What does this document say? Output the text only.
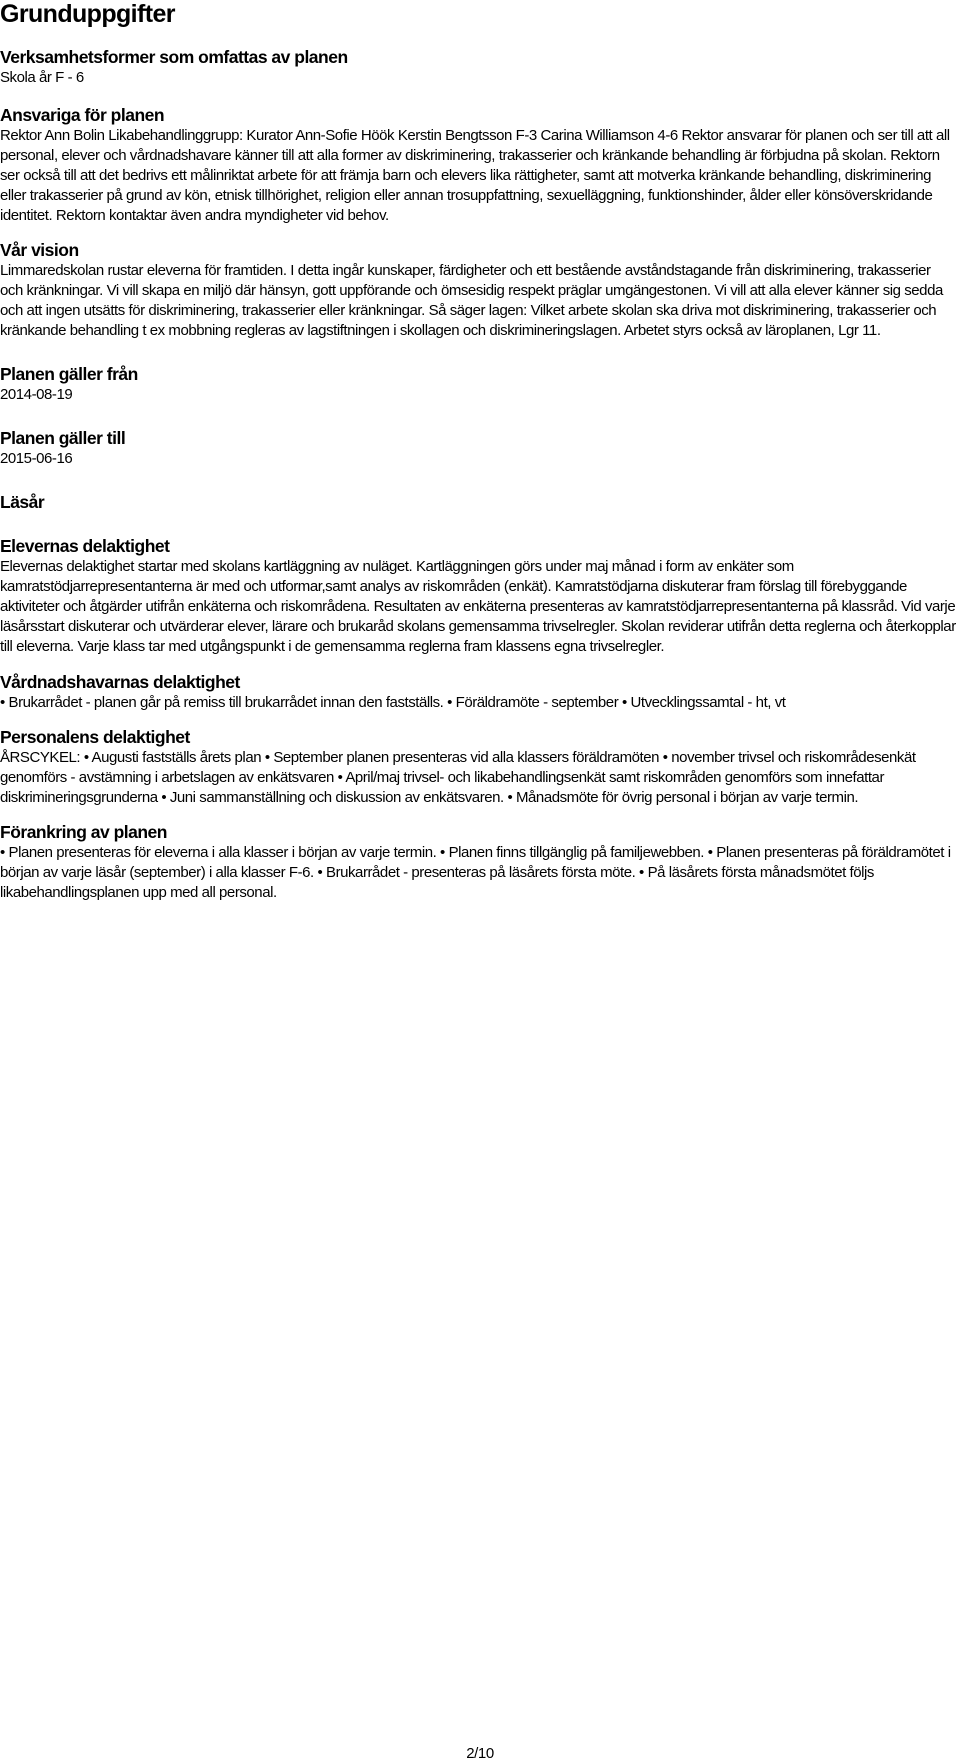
Grunduppgifter
Verksamhetsformer som omfattas av planen

Skola år F - 6

Ansvariga för planen

Rektor Ann Bolin Likabehandlinggrupp: Kurator Ann-Sofie Höök Kerstin Bengtsson F-3 Carina Williamson 4-6 Rektor ansvarar för planen och ser till att all personal, elever och vårdnadshavare känner till att alla former av diskriminering, trakasserier och kränkande behandling är förbjudna på skolan. Rektorn ser också till att det bedrivs ett målinriktat arbete för att främja barn och elevers lika rättigheter, samt att motverka kränkande behandling, diskriminering eller trakasserier på grund av kön, etnisk tillhörighet, religion eller annan trosuppfattning, sexuelläggning, funktionshinder, ålder eller könsöverskridande identitet. Rektorn kontaktar även andra myndigheter vid behov.

Vår vision

Limmaredskolan rustar eleverna för framtiden. I detta ingår kunskaper, färdigheter och ett bestående avståndstagande från diskriminering, trakasserier och kränkningar. Vi vill skapa en miljö där hänsyn, gott uppförande och ömsesidig respekt präglar umgängestonen. Vi vill att alla elever känner sig sedda och att ingen utsätts för diskriminering, trakasserier eller kränkningar. Så säger lagen: Vilket arbete skolan ska driva mot diskriminering, trakasserier och kränkande behandling t ex mobbning regleras av lagstiftningen i skollagen och diskrimineringslagen. Arbetet styrs också av läroplanen, Lgr 11.

Planen gäller från

2014-08-19

Planen gäller till

2015-06-16

Läsår

Elevernas delaktighet

Elevernas delaktighet startar med skolans kartläggning av nuläget. Kartläggningen görs under maj månad i form av enkäter som kamratstödjarrepresentanterna är med och utformar,samt analys av riskområden (enkät). Kamratstödjarna diskuterar fram förslag till förebyggande aktiviteter och åtgärder utifrån enkäterna och riskområdena. Resultaten av enkäterna presenteras av kamratstödjarrepresentanterna på klassråd. Vid varje läsårsstart diskuterar och utvärderar elever, lärare och brukaråd skolans gemensamma trivselregler. Skolan reviderar utifrån detta reglerna och återkopplar till eleverna. Varje klass tar med utgångspunkt i de gemensamma reglerna fram klassens egna trivselregler.

Vårdnadshavarnas delaktighet

• Brukarrådet - planen går på remiss till brukarrådet innan den fastställs. • Föräldramöte - september • Utvecklingssamtal - ht, vt

Personalens delaktighet

ÅRSCYKEL: • Augusti fastställs årets plan • September planen presenteras vid alla klassers föräldramöten • november trivsel och riskområdesenkät genomförs - avstämning i arbetslagen av enkätsvaren • April/maj trivsel- och likabehandlingsenkät samt riskområden genomförs som innefattar diskrimineringsgrunderna • Juni sammanställning och diskussion av enkätsvaren. • Månadsmöte för övrig personal i början av varje termin.

Förankring av planen

• Planen presenteras för eleverna i alla klasser i början av varje termin. • Planen finns tillgänglig på familjewebben. • Planen presenteras på föräldramötet i början av varje läsår (september) i alla klasser F-6. • Brukarrådet - presenteras på läsårets första möte. • På läsårets första månadsmötet följs likabehandlingsplanen upp med all personal.

2/10
